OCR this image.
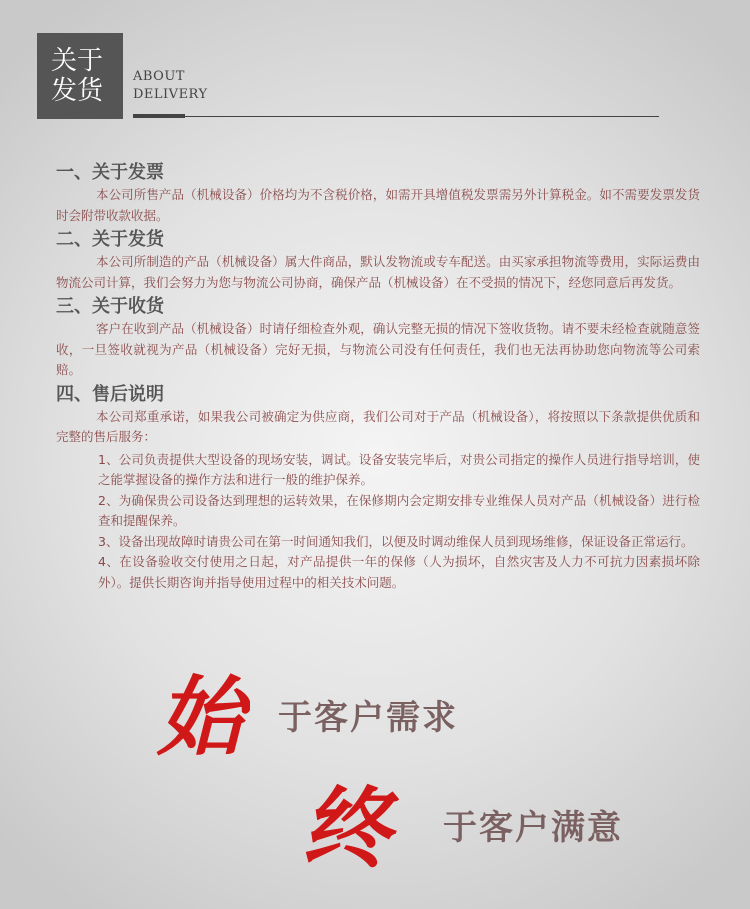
关于
发货	ABOUT
DELIVERY
一、关于发票

本公司所售产品（机械设备）价格均为不含税价格，如需开具增值税发票需另外计算税金。如不需要发票发货时会附带收款收据。

二、关于发货

本公司所制造的产品（机械设备）属大件商品，默认发物流或专车配送。由买家承担物流等费用，实际运费由物流公司计算，我们会努力为您与物流公司协商，确保产品（机械设备）在不受损的情况下，经您同意后再发货。

三、关于收货

客户在收到产品（机械设备）时请仔细检查外观，确认完整无损的情况下签收货物。请不要未经检查就随意签收，一旦签收就视为产品（机械设备）完好无损，与物流公司没有任何责任，我们也无法再协助您向物流等公司索赔。

四、售后说明

本公司郑重承诺，如果我公司被确定为供应商，我们公司对于产品（机械设备），将按照以下条款提供优质和完整的售后服务：

1、公司负责提供大型设备的现场安装，调试。设备安装完毕后，对贵公司指定的操作人员进行指导培训，使之能掌握设备的操作方法和进行一般的维护保养。

2、为确保贵公司设备达到理想的运转效果，在保修期内会定期安排专业维保人员对产品（机械设备）进行检查和提醒保养。

3、设备出现故障时请贵公司在第一时间通知我们，以便及时调动维保人员到现场维修，保证设备正常运行。

4、在设备验收交付使用之日起，对产品提供一年的保修（人为损坏，自然灾害及人力不可抗力因素损坏除外）。提供长期咨询并指导使用过程中的相关技术问题。

始	于客户需求
终 于客户满意
